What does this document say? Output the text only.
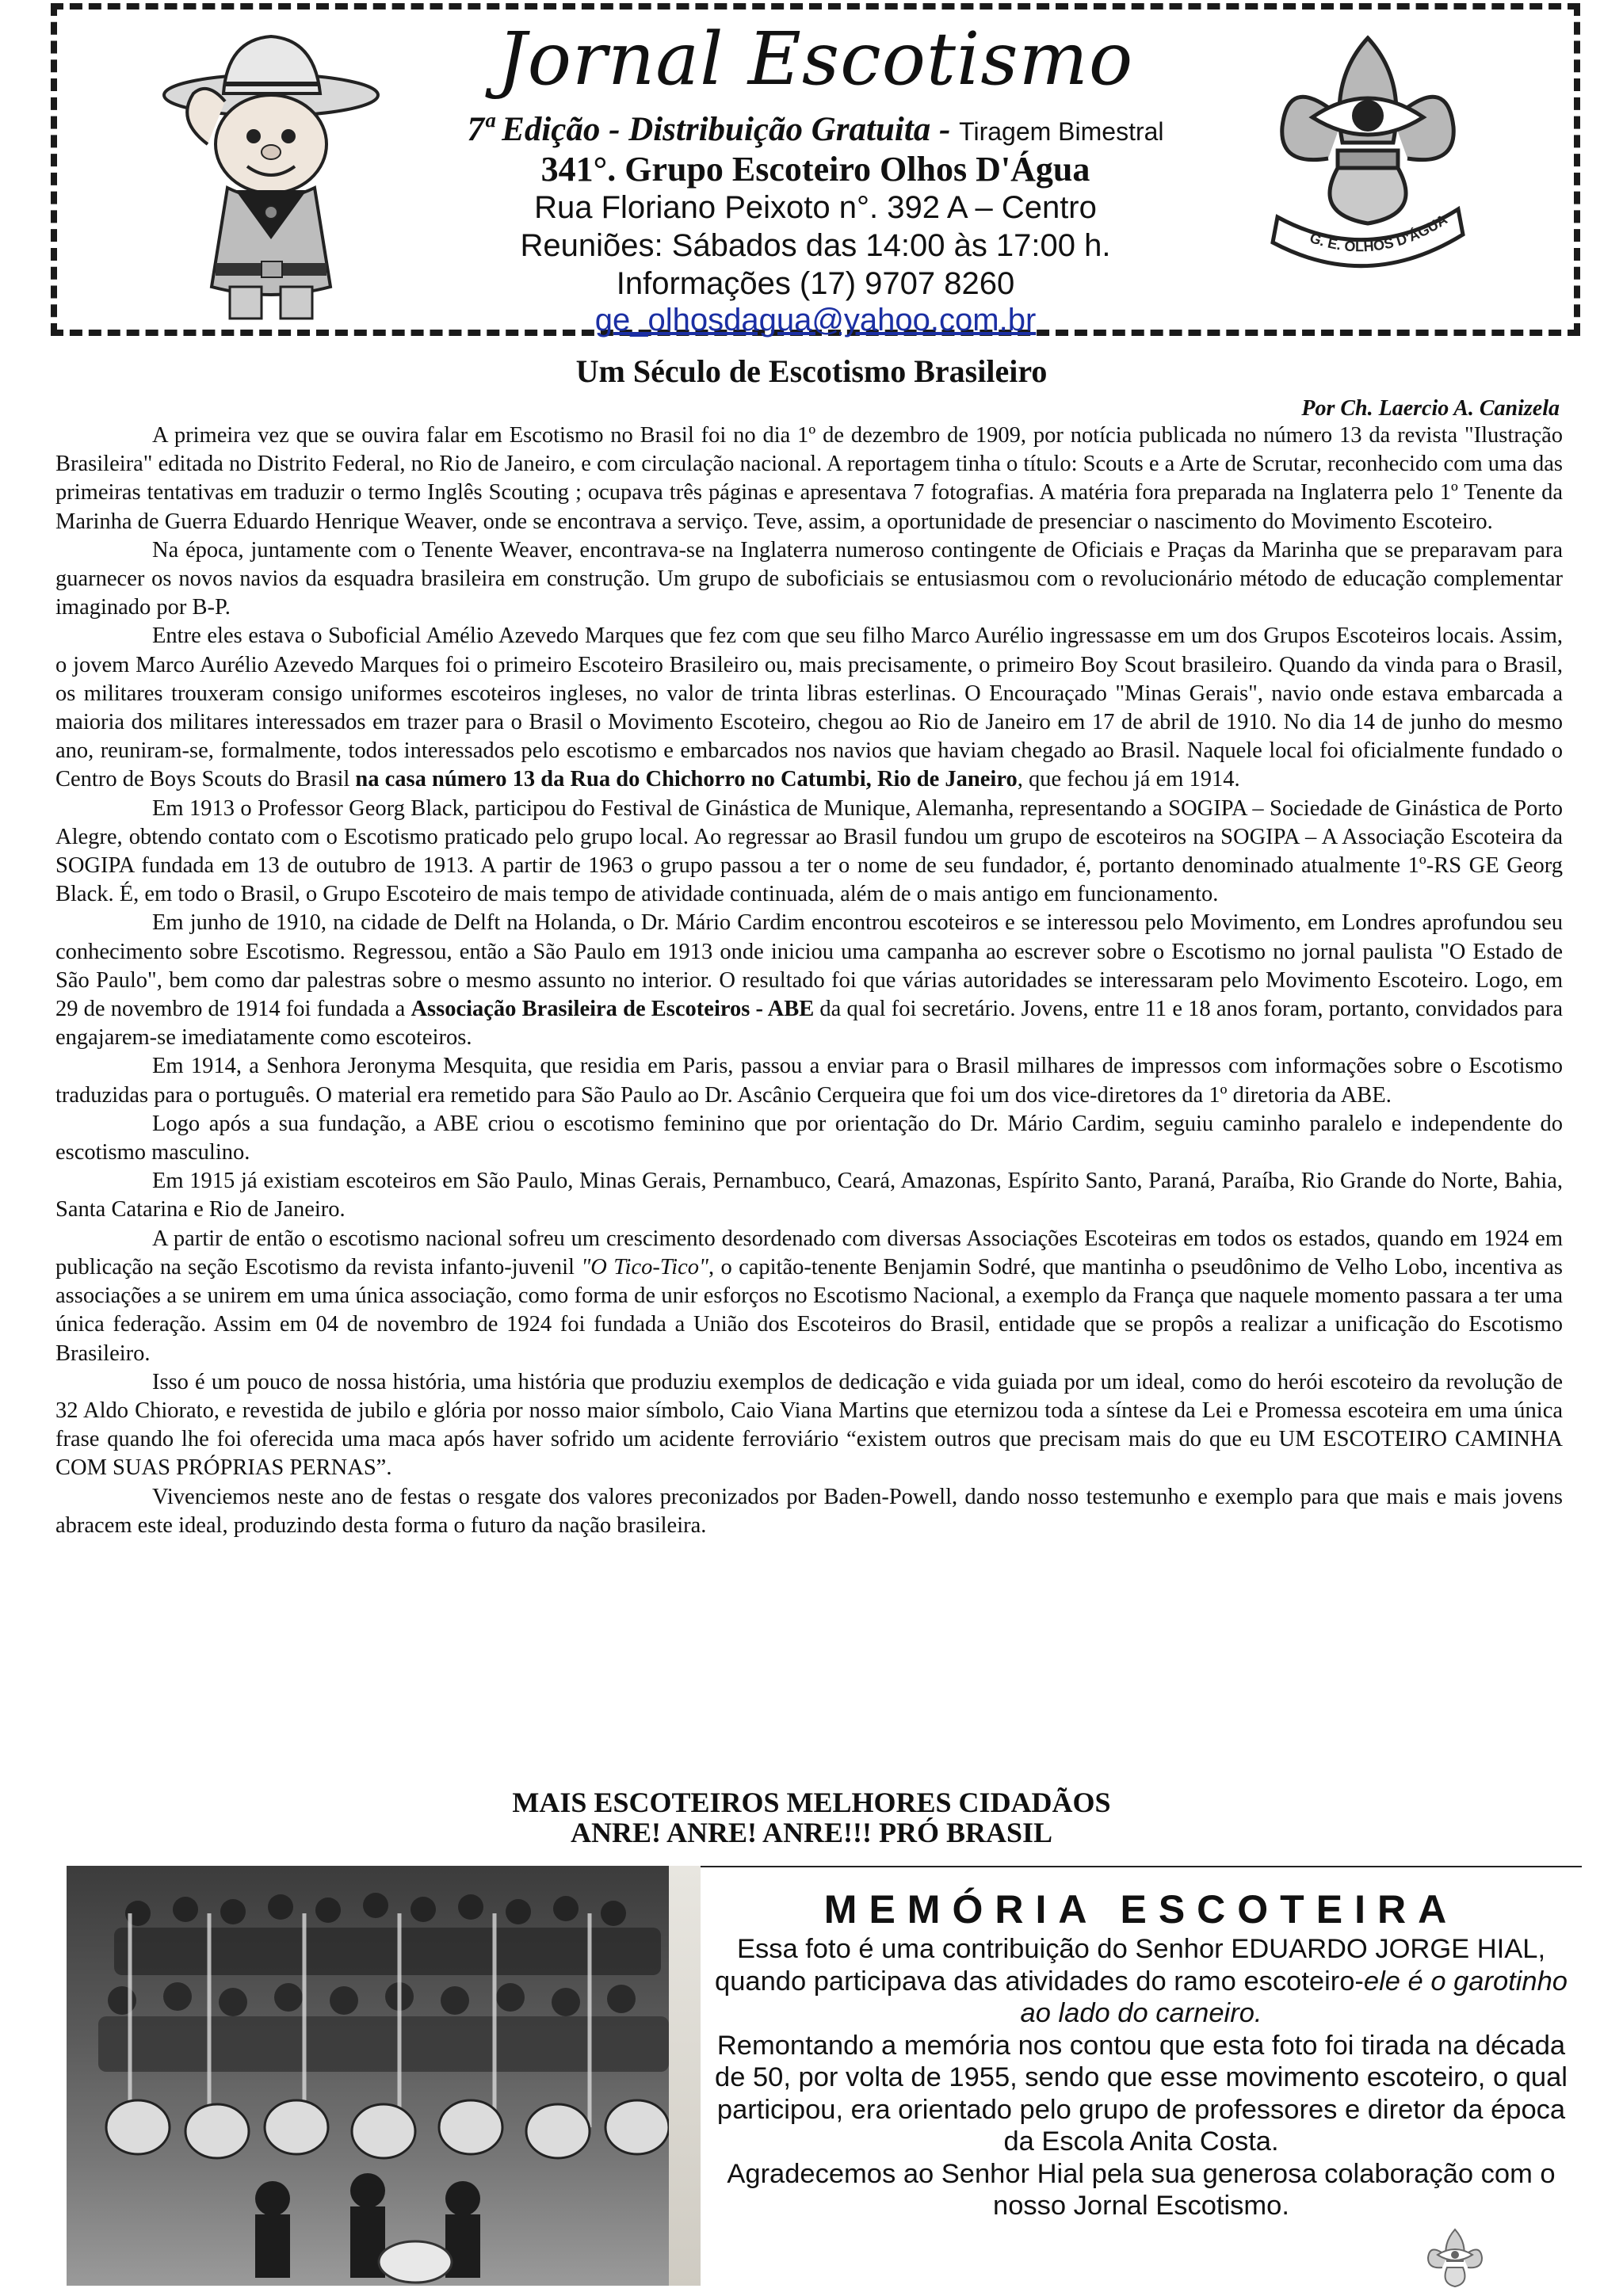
Jornal Escotismo
7ª Edição - Distribuição Gratuita - Tiragem Bimestral
341°. Grupo Escoteiro Olhos D'Água
Rua Floriano Peixoto n°. 392 A – Centro
Reuniões: Sábados das 14:00 às 17:00 h.
Informações (17) 9707 8260
ge_olhosdagua@yahoo.com.br
G. E. OLHOS D'ÁGUA
Um Século de Escotismo Brasileiro
Por Ch. Laercio A. Canizela

A primeira vez que se ouvira falar em Escotismo no Brasil foi no dia 1º de dezembro de 1909, por notícia publicada no número 13 da revista "Ilustração Brasileira" editada no Distrito Federal, no Rio de Janeiro, e com circulação nacional. A reportagem tinha o título: Scouts e a Arte de Scrutar, reconhecido com uma das primeiras tentativas em traduzir o termo Inglês Scouting ; ocupava três páginas e apresentava 7 fotografias. A matéria fora preparada na Inglaterra pelo 1º Tenente da Marinha de Guerra Eduardo Henrique Weaver, onde se encontrava a serviço. Teve, assim, a oportunidade de presenciar o nascimento do Movimento Escoteiro.

Na época, juntamente com o Tenente Weaver, encontrava-se na Inglaterra numeroso contingente de Oficiais e Praças da Marinha que se preparavam para guarnecer os novos navios da esquadra brasileira em construção. Um grupo de suboficiais se entusiasmou com o revolucionário método de educação complementar imaginado por B-P.

Entre eles estava o Suboficial Amélio Azevedo Marques que fez com que seu filho Marco Aurélio ingressasse em um dos Grupos Escoteiros locais. Assim, o jovem Marco Aurélio Azevedo Marques foi o primeiro Escoteiro Brasileiro ou, mais precisamente, o primeiro Boy Scout brasileiro. Quando da vinda para o Brasil, os militares trouxeram consigo uniformes escoteiros ingleses, no valor de trinta libras esterlinas. O Encouraçado "Minas Gerais", navio onde estava embarcada a maioria dos militares interessados em trazer para o Brasil o Movimento Escoteiro, chegou ao Rio de Janeiro em 17 de abril de 1910. No dia 14 de junho do mesmo ano, reuniram-se, formalmente, todos interessados pelo escotismo e embarcados nos navios que haviam chegado ao Brasil. Naquele local foi oficialmente fundado o Centro de Boys Scouts do Brasil na casa número 13 da Rua do Chichorro no Catumbi, Rio de Janeiro, que fechou já em 1914.

Em 1913 o Professor Georg Black, participou do Festival de Ginástica de Munique, Alemanha, representando a SOGIPA – Sociedade de Ginástica de Porto Alegre, obtendo contato com o Escotismo praticado pelo grupo local. Ao regressar ao Brasil fundou um grupo de escoteiros na SOGIPA – A Associação Escoteira da SOGIPA fundada em 13 de outubro de 1913. A partir de 1963 o grupo passou a ter o nome de seu fundador, é, portanto denominado atualmente 1º-RS GE Georg Black. É, em todo o Brasil, o Grupo Escoteiro de mais tempo de atividade continuada, além de o mais antigo em funcionamento.

Em junho de 1910, na cidade de Delft na Holanda, o Dr. Mário Cardim encontrou escoteiros e se interessou pelo Movimento, em Londres aprofundou seu conhecimento sobre Escotismo. Regressou, então a São Paulo em 1913 onde iniciou uma campanha ao escrever sobre o Escotismo no jornal paulista "O Estado de São Paulo", bem como dar palestras sobre o mesmo assunto no interior. O resultado foi que várias autoridades se interessaram pelo Movimento Escoteiro. Logo, em 29 de novembro de 1914 foi fundada a Associação Brasileira de Escoteiros - ABE da qual foi secretário. Jovens, entre 11 e 18 anos foram, portanto, convidados para engajarem-se imediatamente como escoteiros.

Em 1914, a Senhora Jeronyma Mesquita, que residia em Paris, passou a enviar para o Brasil milhares de impressos com informações sobre o Escotismo traduzidas para o português. O material era remetido para São Paulo ao Dr. Ascânio Cerqueira que foi um dos vice-diretores da 1º diretoria da ABE.

Logo após a sua fundação, a ABE criou o escotismo feminino que por orientação do Dr. Mário Cardim, seguiu caminho paralelo e independente do escotismo masculino.

Em 1915 já existiam escoteiros em São Paulo, Minas Gerais, Pernambuco, Ceará, Amazonas, Espírito Santo, Paraná, Paraíba, Rio Grande do Norte, Bahia, Santa Catarina e Rio de Janeiro.

A partir de então o escotismo nacional sofreu um crescimento desordenado com diversas Associações Escoteiras em todos os estados, quando em 1924 em publicação na seção Escotismo da revista infanto-juvenil "O Tico-Tico", o capitão-tenente Benjamin Sodré, que mantinha o pseudônimo de Velho Lobo, incentiva as associações a se unirem em uma única associação, como forma de unir esforços no Escotismo Nacional, a exemplo da França que naquele momento passara a ter uma única federação. Assim em 04 de novembro de 1924 foi fundada a União dos Escoteiros do Brasil, entidade que se propôs a realizar a unificação do Escotismo Brasileiro.

Isso é um pouco de nossa história, uma história que produziu exemplos de dedicação e vida guiada por um ideal, como do herói escoteiro da revolução de 32 Aldo Chiorato, e revestida de jubilo e glória por nosso maior símbolo, Caio Viana Martins que eternizou toda a síntese da Lei e Promessa escoteira em uma única frase quando lhe foi oferecida uma maca após haver sofrido um acidente ferroviário “existem outros que precisam mais do que eu UM ESCOTEIRO CAMINHA COM SUAS PRÓPRIAS PERNAS”.

Vivenciemos neste ano de festas o resgate dos valores preconizados por Baden-Powell, dando nosso testemunho e exemplo para que mais e mais jovens abracem este ideal, produzindo desta forma o futuro da nação brasileira.

MAIS ESCOTEIROS MELHORES CIDADÃOS
ANRE! ANRE! ANRE!!! PRÓ BRASIL
MEMÓRIA ESCOTEIRA

Essa foto é uma contribuição do Senhor EDUARDO JORGE HIAL, quando participava das atividades do ramo escoteiro-ele é o garotinho ao lado do carneiro.

Remontando a memória nos contou que esta foto foi tirada na década de 50, por volta de 1955, sendo que esse movimento escoteiro, o qual participou, era orientado pelo grupo de professores e diretor da época da Escola Anita Costa.

Agradecemos ao Senhor Hial pela sua generosa colaboração com o nosso Jornal Escotismo.
